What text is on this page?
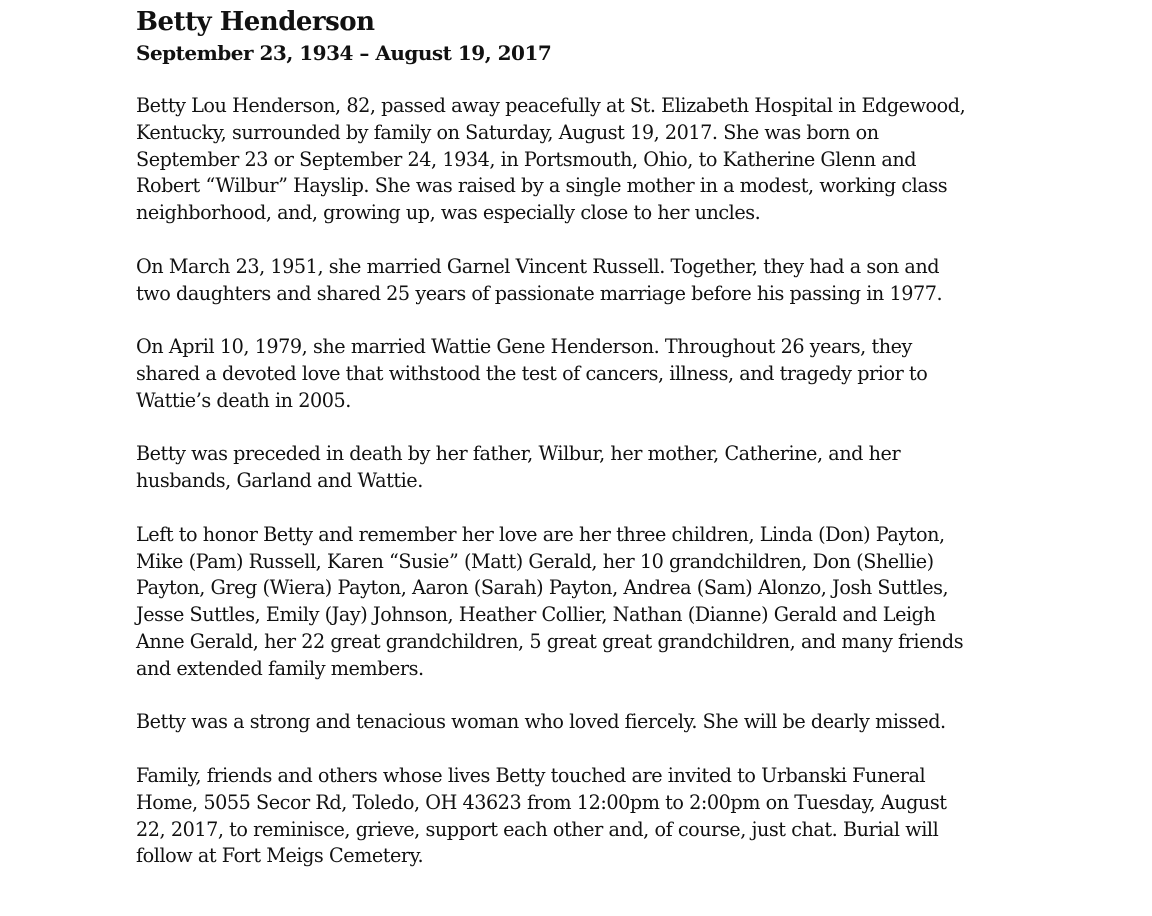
Betty Henderson
September 23, 1934 – August 19, 2017

Betty Lou Henderson, 82, passed away peacefully at St. Elizabeth Hospital in Edgewood, Kentucky, surrounded by family on Saturday, August 19, 2017. She was born on September 23 or September 24, 1934, in Portsmouth, Ohio, to Katherine Glenn and Robert “Wilbur” Hayslip. She was raised by a single mother in a modest, working class neighborhood, and, growing up, was especially close to her uncles.

On March 23, 1951, she married Garnel Vincent Russell. Together, they had a son and two daughters and shared 25 years of passionate marriage before his passing in 1977.

On April 10, 1979, she married Wattie Gene Henderson. Throughout 26 years, they shared a devoted love that withstood the test of cancers, illness, and tragedy prior to Wattie’s death in 2005.

Betty was preceded in death by her father, Wilbur, her mother, Catherine, and her husbands, Garland and Wattie.

Left to honor Betty and remember her love are her three children, Linda (Don) Payton, Mike (Pam) Russell, Karen “Susie” (Matt) Gerald, her 10 grandchildren, Don (Shellie) Payton, Greg (Wiera) Payton, Aaron (Sarah) Payton, Andrea (Sam) Alonzo, Josh Suttles, Jesse Suttles, Emily (Jay) Johnson, Heather Collier, Nathan (Dianne) Gerald and Leigh Anne Gerald, her 22 great grandchildren, 5 great great grandchildren, and many friends and extended family members.

Betty was a strong and tenacious woman who loved fiercely. She will be dearly missed.

Family, friends and others whose lives Betty touched are invited to Urbanski Funeral Home, 5055 Secor Rd, Toledo, OH 43623 from 12:00pm to 2:00pm on Tuesday, August 22, 2017, to reminisce, grieve, support each other and, of course, just chat. Burial will follow at Fort Meigs Cemetery.
